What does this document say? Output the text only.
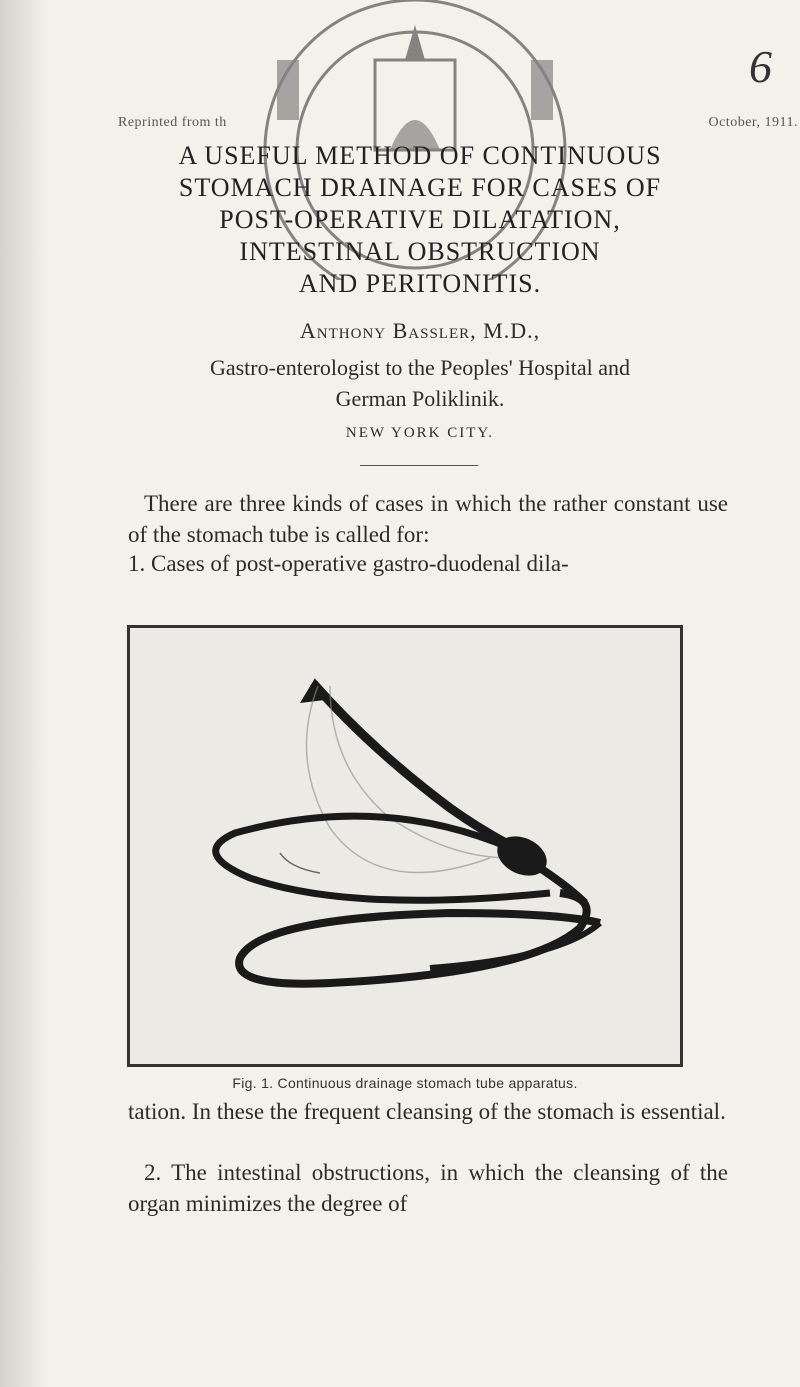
6
Reprinted from th	October, 1911.
A USEFUL METHOD OF CONTINUOUS
STOMACH DRAINAGE FOR CASES OF
POST-OPERATIVE DILATATION,
INTESTINAL OBSTRUCTION
AND PERITONITIS.
Anthony Bassler, M.D.,
Gastro-enterologist to the Peoples' Hospital and
German Poliklinik.
NEW YORK CITY.
There are three kinds of cases in which the rather constant use of the stomach tube is called for:
1. Cases of post-operative gastro-duodenal dila-
Fig. 1. Continuous drainage stomach tube apparatus.
tation. In these the frequent cleansing of the stomach is essential.
2. The intestinal obstructions, in which the cleansing of the organ minimizes the degree of
